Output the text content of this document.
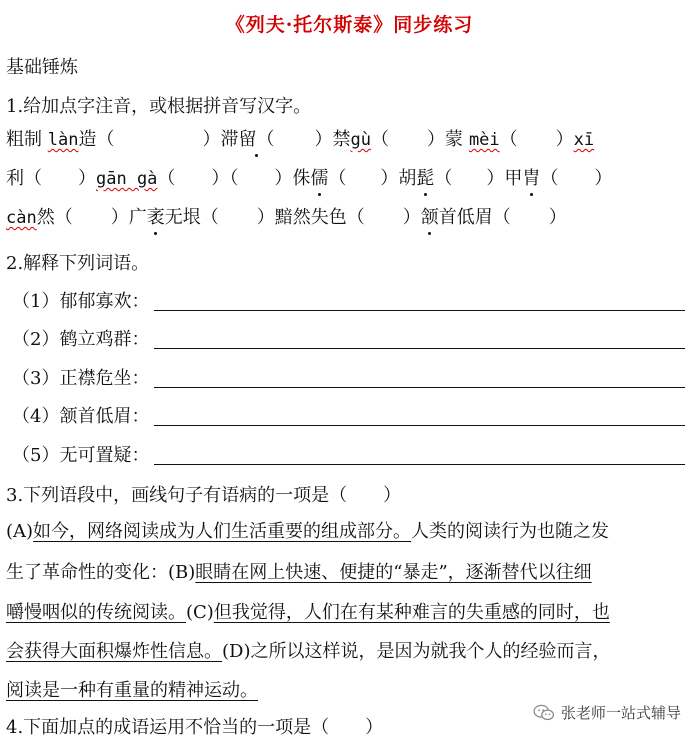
《列夫·托尔斯泰》同步练习
基础锤炼
1.给加点字注音，或根据拼音写汉字。
粗制 làn造（	）滞留（ ）禁gù（ ）蒙 mèi（ ）xī
利（ ）gān gà（ ）（ ）侏儒（ ）胡髭（ ）甲胄（ ）
càn然（ ）广袤无垠（ ）黯然失色（ ）颔首低眉（ ）
2.解释下列词语。
（1）郁郁寡欢：
（2）鹤立鸡群：
（3）正襟危坐：
（4）颔首低眉：
（5）无可置疑：
3.下列语段中，画线句子有语病的一项是（　　）
(A)如今，网络阅读成为人们生活重要的组成部分。人类的阅读行为也随之发
生了革命性的变化：(B)眼睛在网上快速、便捷的“暴走”，逐渐替代以往细
嚼慢咽似的传统阅读。(C)但我觉得，人们在有某种难言的失重感的同时，也
会获得大面积爆炸性信息。(D)之所以这样说，是因为就我个人的经验而言，
阅读是一种有重量的精神运动。
4.下面加点的成语运用不恰当的一项是（　　）
张老师一站式辅导
